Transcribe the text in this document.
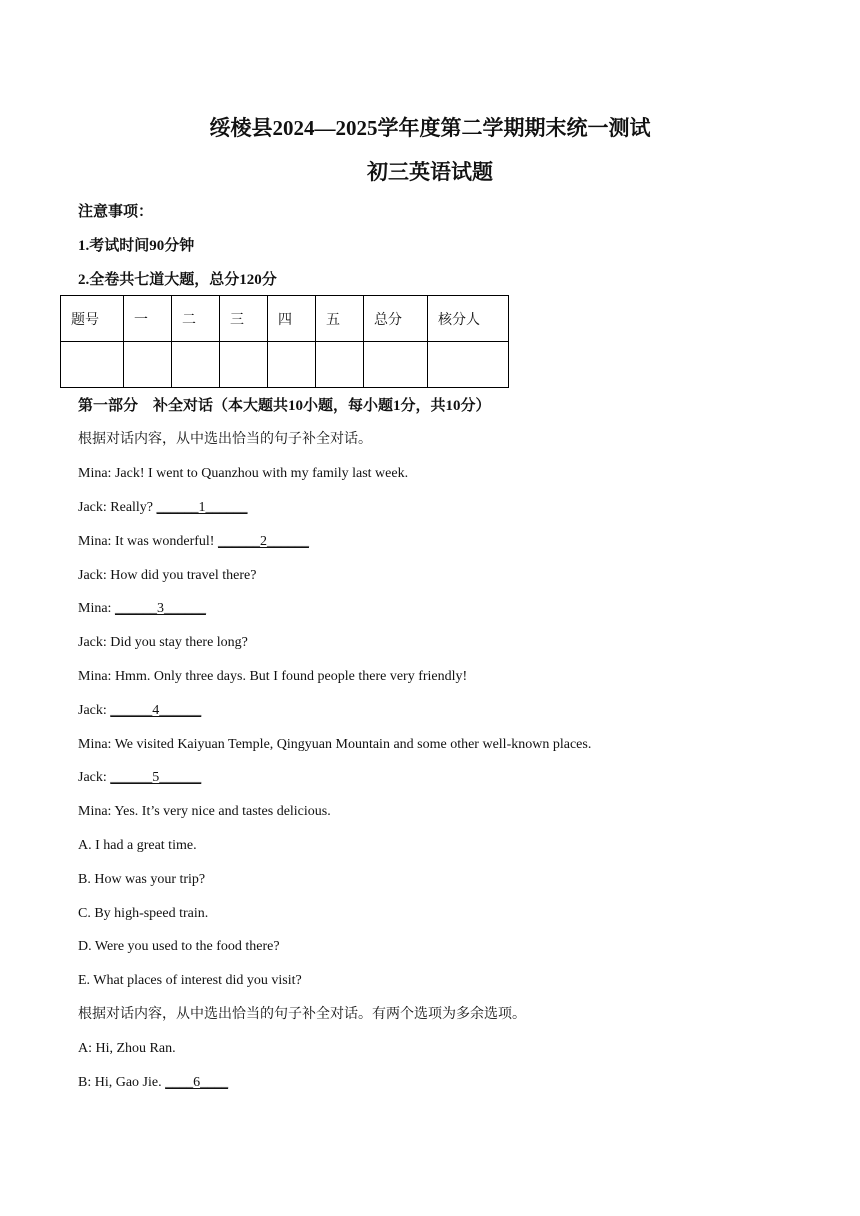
绥棱县2024—2025学年度第二学期期末统一测试
初三英语试题
注意事项：
1.考试时间90分钟
2.全卷共七道大题，总分120分
题号	一	二	三	四	五	总分	核分人

第一部分　补全对话（本大题共10小题，每小题1分，共10分）
根据对话内容，从中选出恰当的句子补全对话。
Mina: Jack! I went to Quanzhou with my family last week.
Jack: Really? ______1______
Mina: It was wonderful! ______2______
Jack: How did you travel there?
Mina: ______3______
Jack: Did you stay there long?
Mina: Hmm. Only three days. But I found people there very friendly!
Jack: ______4______
Mina: We visited Kaiyuan Temple, Qingyuan Mountain and some other well-known places.
Jack: ______5______
Mina: Yes. It’s very nice and tastes delicious.
A. I had a great time.
B. How was your trip?
C. By high-speed train.
D. Were you used to the food there?
E. What places of interest did you visit?
根据对话内容，从中选出恰当的句子补全对话。有两个选项为多余选项。
A: Hi, Zhou Ran.
B: Hi, Gao Jie. ____6____
